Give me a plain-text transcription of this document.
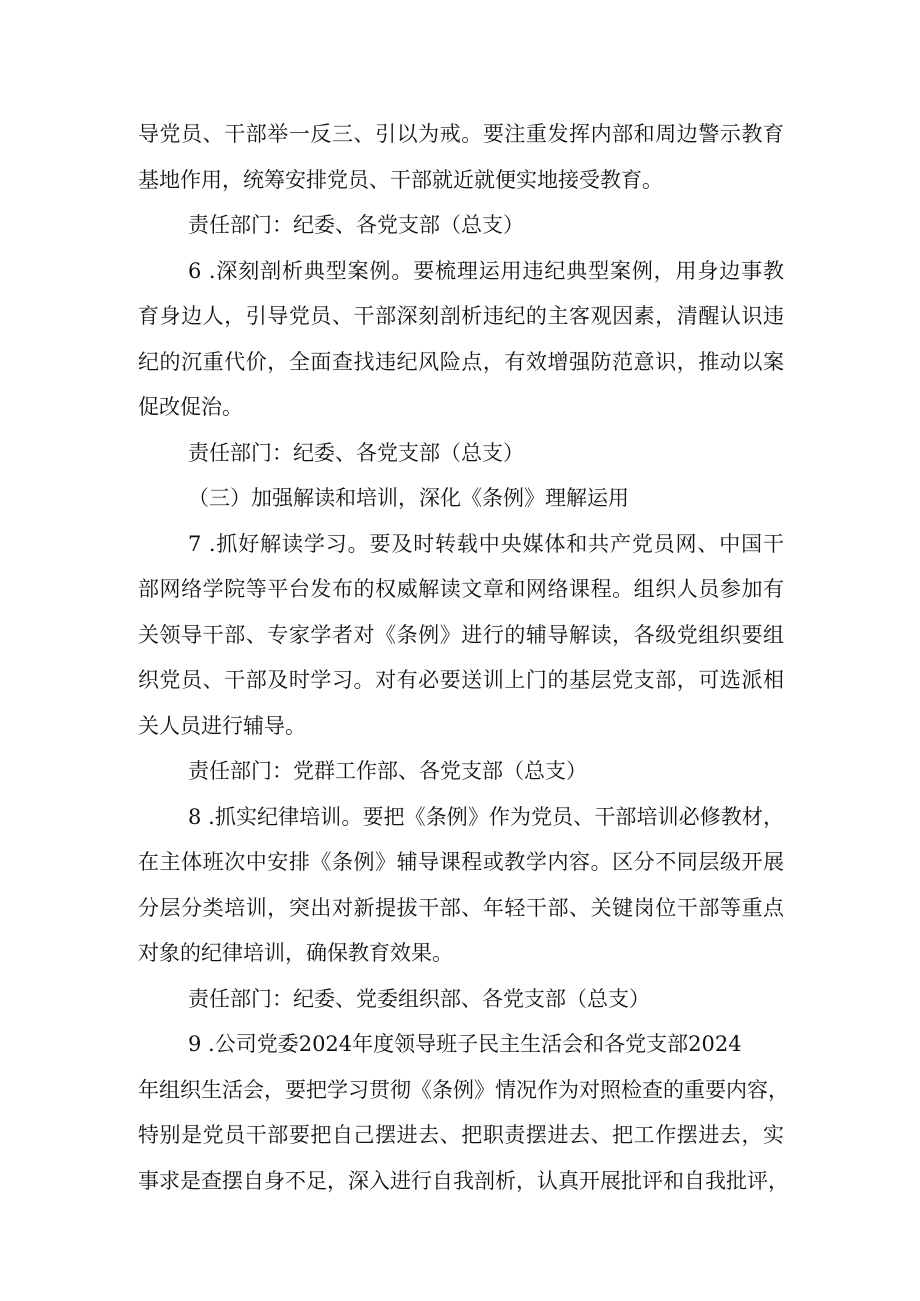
导党员、干部举一反三、引以为戒。要注重发挥内部和周边警示教育
基地作用，统筹安排党员、干部就近就便实地接受教育。
责任部门：纪委、各党支部（总支）
6 .深刻剖析典型案例。要梳理运用违纪典型案例，用身边事教
育身边人，引导党员、干部深刻剖析违纪的主客观因素，清醒认识违
纪的沉重代价，全面查找违纪风险点，有效增强防范意识，推动以案
促改促治。
责任部门：纪委、各党支部（总支）
（三）加强解读和培训，深化《条例》理解运用
7 .抓好解读学习。要及时转载中央媒体和共产党员网、中国干
部网络学院等平台发布的权威解读文章和网络课程。组织人员参加有
关领导干部、专家学者对《条例》进行的辅导解读，各级党组织要组
织党员、干部及时学习。对有必要送训上门的基层党支部，可选派相
关人员进行辅导。
责任部门：党群工作部、各党支部（总支）
8 .抓实纪律培训。要把《条例》作为党员、干部培训必修教材，
在主体班次中安排《条例》辅导课程或教学内容。区分不同层级开展
分层分类培训，突出对新提拔干部、年轻干部、关键岗位干部等重点
对象的纪律培训，确保教育效果。
责任部门：纪委、党委组织部、各党支部（总支）
9 .公司党委2024年度领导班子民主生活会和各党支部2024
年组织生活会，要把学习贯彻《条例》情况作为对照检查的重要内容，
特别是党员干部要把自己摆进去、把职责摆进去、把工作摆进去，实
事求是查摆自身不足，深入进行自我剖析，认真开展批评和自我批评，
